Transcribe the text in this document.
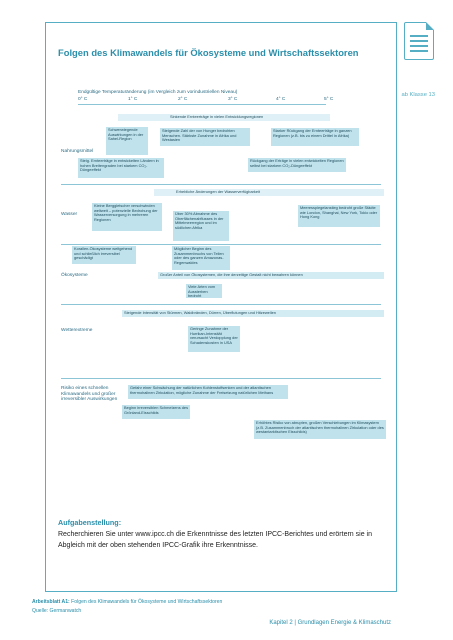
ab Klasse 13
Folgen des Klimawandels für Ökosysteme und Wirtschaftssektoren
Endgültige Temperaturänderung (im Vergleich zum vorindustriellen Niveau)
0° C	1° C	2° C	3° C	4° C	5° C
Nahrungsmittel
Sinkende Ernteerträge in vielen Entwicklungsregionen
Schwerwiegende Auswirkungen in der Sahel-Region
Steigende Zahl der von Hunger bedrohten Menschen. Stärkste Zunahme in Afrika und Westasien
Starker Rückgang der Ernteerträge in ganzen Regionen (z.B. bis zu einem Drittel in Afrika)
Steig. Ernteerträge in entwickelten Ländern in hohen Breitengraden bei starkem CO₂-Düngeeffekt
Rückgang der Erträge in vielen entwickelten Regionen selbst bei starkem CO₂-Düngeeffekt
Wasser
Erhebliche Änderungen der Wasserverfügbarkeit
Kleine Berggletscher verschwinden weltweit – potenzielle Bedrohung der Wasserversorgung in mehreren Regionen
Über 30% Abnahme des Oberflächenabflusses in der Mittelmeerregion und im südlichen Afrika
Meeresspiegelanstieg bedroht große Städte wie London, Shanghai, New York, Tokio oder Hong Kong
Ökosysteme
Korallen-Ökosysteme weitgehend und schließlich irreversibel geschädigt
Möglicher Beginn des Zusammenbruchs von Teilen oder des ganzen Amazonas-Regenwaldes
Großer Anteil von Ökosystemen, die ihre derzeitige Gestalt nicht bewahren können
Viele Arten vom Aussterben bedroht
Wetterextreme
Steigende Intensität von Stürmen, Waldbränden, Dürren, Überflutungen und Hitzewellen
Geringe Zunahme der Hurrikan-Intensität verursacht Verdopplung der Schadenskosten in USA
Risiko eines schnellen Klimawandels und großer irreversibler Auswirkungen
Gefahr einer Schwächung der natürlichen Kohlenstoffsenken und der atlantischen thermohalinen Zirkulation, mögliche Zunahme der Freisetzung natürlichen Methans
Beginn irreversiblen Schmelzens des Grönland-Eisschilds
Erhöhtes Risiko von abrupten, großen Verschiebungen im Klimasystem (z.B. Zusammenbruch der atlantischen thermohalinen Zirkulation oder des westantarktischen Eisschilds)
Aufgabenstellung:
Recherchieren Sie unter www.ipcc.ch die Erkenntnisse des letzten IPCC-Berichtes und erörtern sie in Abgleich mit der oben stehenden IPCC-Grafik ihre Erkenntnisse.
Arbeitsblatt A1: Folgen des Klimawandels für Ökosysteme und Wirtschaftssektoren
Quelle: Germanwatch
Kapitel 2 | Grundlagen Energie & Klimaschutz
